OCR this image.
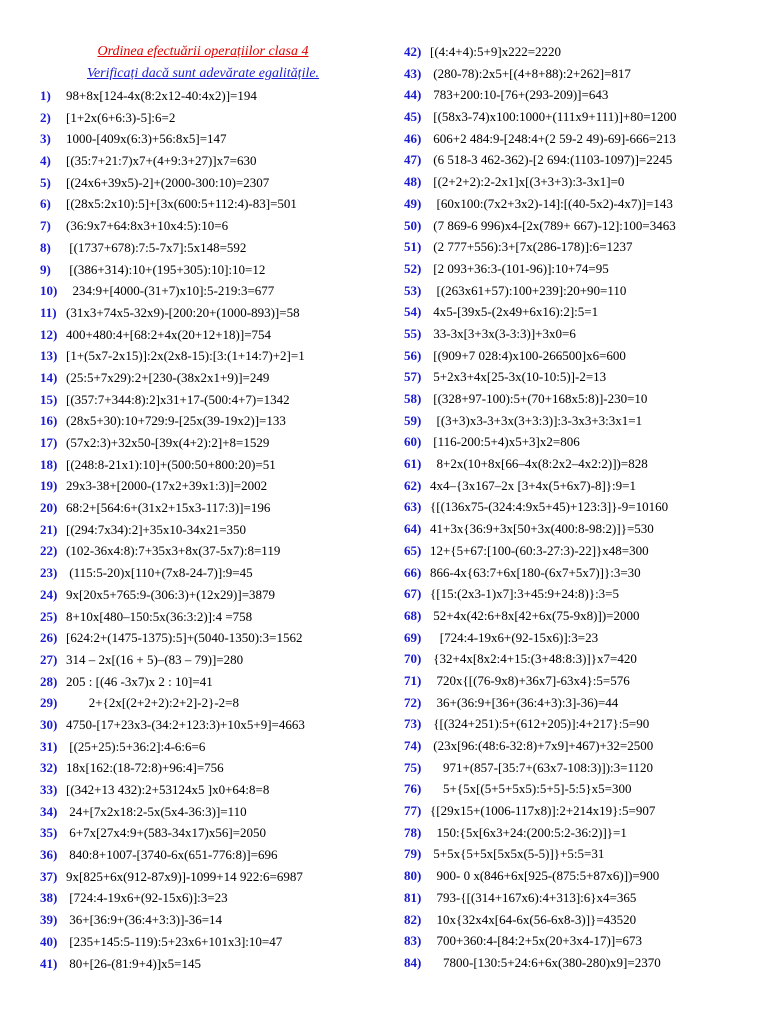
Ordinea efectuării operațiilor clasa 4
Verificați dacă sunt adevărate egalitățile.
1) 98+8x[124-4x(8:2x12-40:4x2)]=194
2) [1+2x(6+6:3)-5]:6=2
3) 1000-[409x(6:3)+56:8x5]=147
4) [(35:7+21:7)x7+(4+9:3+27)]x7=630
5) [(24x6+39x5)-2]+(2000-300:10)=2307
6) [(28x5:2x10):5]+[3x(600:5+112:4)-83]=501
7) (36:9x7+64:8x3+10x4:5):10=6
8) [(1737+678):7:5-7x7]:5x148=592
9) [(386+314):10+(195+305):10]:10=12
10)  234:9+[4000-(31+7)x10]:5-219:3=677
11) (31x3+74x5-32x9)-[200:20+(1000-893)]=58
12) 400+480:4+[68:2+4x(20+12+18)]=754
13) [1+(5x7-2x15)]:2x(2x8-15):[3:(1+14:7)+2]=1
14) (25:5+7x29):2+[230-(38x2x1+9)]=249
15) [(357:7+344:8):2]x31+17-(500:4+7)=1342
16) (28x5+30):10+729:9-[25x(39-19x2)]=133
17) (57x2:3)+32x50-[39x(4+2):2]+8=1529
18) [(248:8-21x1):10]+(500:50+800:20)=51
19) 29x3-38+[2000-(17x2+39x1:3)]=2002
20) 68:2+[564:6+(31x2+15x3-117:3)]=196
21) [(294:7x34):2]+35x10-34x21=350
22) (102-36x4:8):7+35x3+8x(37-5x7):8=119
23) (115:5-20)x[110+(7x8-24-7)]:9=45
24) 9x[20x5+765:9-(306:3)+(12x29)]=3879
25) 8+10x[480–150:5x(36:3:2)]:4 =758
26) [624:2+(1475-1375):5]+(5040-1350):3=1562
27) 314 – 2x[(16 + 5)–(83 – 79)]=280
28) 205 : [(46 -3x7)x 2 : 10]=41
29)       2+{2x[(2+2+2):2+2]-2}-2=8
30) 4750-[17+23x3-(34:2+123:3)+10x5+9]=4663
31) [(25+25):5+36:2]:4-6:6=6
32) 18x[162:(18-72:8)+96:4]=756
33) [(342+13 432):2+53124x5 ]x0+64:8=8
34) 24+[7x2x18:2-5x(5x4-36:3)]=110
35) 6+7x[27x4:9+(583-34x17)x56]=2050
36) 840:8+1007-[3740-6x(651-776:8)]=696
37) 9x[825+6x(912-87x9)]-1099+14 922:6=6987
38) [724:4-19x6+(92-15x6)]:3=23
39) 36+[36:9+(36:4+3:3)]-36=14
40) [235+145:5-119):5+23x6+101x3]:10=47
41) 80+[26-(81:9+4)]x5=145
42) [(4:4+4):5+9]x222=2220
43) (280-78):2x5+[(4+8+88):2+262]=817
44) 783+200:10-[76+(293-209)]=643
45) [(58x3-74)x100:1000+(111x9+111)]+80=1200
46) 606+2 484:9-[248:4+(2 59-2 49)-69]-666=213
47) (6 518-3 462-362)-[2 694:(1103-1097)]=2245
48) [(2+2+2):2-2x1]x[(3+3+3):3-3x1]=0
49)  [60x100:(7x2+3x2)-14]:[(40-5x2)-4x7)]=143
50) (7 869-6 996)x4-[2x(789+ 667)-12]:100=3463
51) (2 777+556):3+[7x(286-178)]:6=1237
52) [2 093+36:3-(101-96)]:10+74=95
53)  [(263x61+57):100+239]:20+90=110
54) 4x5-[39x5-(2x49+6x16):2]:5=1
55) 33-3x[3+3x(3-3:3)]+3x0=6
56) [(909+7 028:4)x100-266500]x6=600
57) 5+2x3+4x[25-3x(10-10:5)]-2=13
58) [(328+97-100):5+(70+168x5:8)]-230=10
59)  [(3+3)x3-3+3x(3+3:3)]:3-3x3+3:3x1=1
60) [116-200:5+4)x5+3]x2=806
61)  8+2x(10+8x[66–4x(8:2x2–4x2:2)])=828
62) 4x4–{3x167–2x [3+4x(5+6x7)-8]}:9=1
63) {[(136x75-(324:4:9x5+45)+123:3]}-9=10160
64) 41+3x{36:9+3x[50+3x(400:8-98:2)]}=530
65) 12+{5+67:[100-(60:3-27:3)-22]}x48=300
66) 866-4x{63:7+6x[180-(6x7+5x7)]}:3=30
67) {[15:(2x3-1)x7]:3+45:9+24:8)}:3=5
68) 52+4x(42:6+8x[42+6x(75-9x8)])=2000
69)   [724:4-19x6+(92-15x6)]:3=23
70) {32+4x[8x2:4+15:(3+48:8:3)]}x7=420
71)  720x{[(76-9x8)+36x7]-63x4}:5=576
72)  36+(36:9+[36+(36:4+3):3]-36)=44
73) {[(324+251):5+(612+205)]:4+217}:5=90
74) (23x[96:(48:6-32:8)+7x9]+467)+32=2500
75)    971+(857-[35:7+(63x7-108:3)]):3=1120
76)    5+{5x[(5+5+5x5):5+5]-5:5}x5=300
77) {[29x15+(1006-117x8)]:2+214x19}:5=907
78)  150:{5x[6x3+24:(200:5:2-36:2)]}=1
79) 5+5x{5+5x[5x5x(5-5)]}+5:5=31
80)  900- 0 x(846+6x[925-(875:5+87x6)])=900
81)  793-{[(314+167x6):4+313]:6}x4=365
82)  10x{32x4x[64-6x(56-6x8-3)]}=43520
83)  700+360:4-[84:2+5x(20+3x4-17)]=673
84)    7800-[130:5+24:6+6x(380-280)x9]=2370
